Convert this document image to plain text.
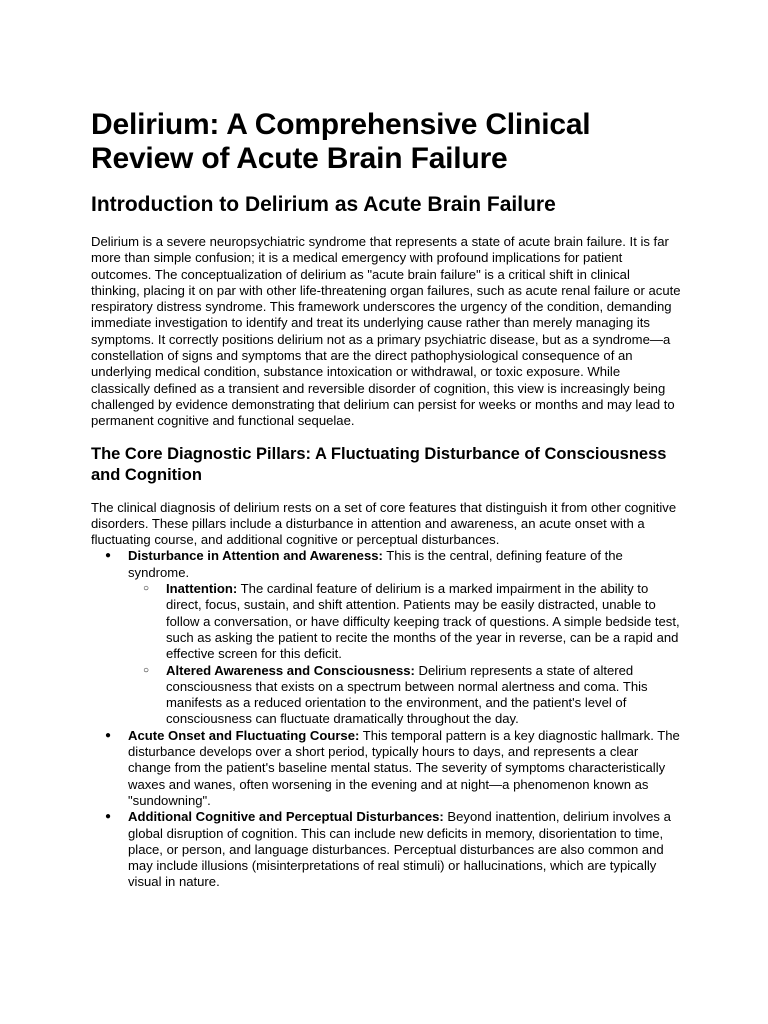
Delirium: A Comprehensive Clinical Review of Acute Brain Failure
Introduction to Delirium as Acute Brain Failure

Delirium is a severe neuropsychiatric syndrome that represents a state of acute brain failure. It is far more than simple confusion; it is a medical emergency with profound implications for patient outcomes. The conceptualization of delirium as "acute brain failure" is a critical shift in clinical thinking, placing it on par with other life-threatening organ failures, such as acute renal failure or acute respiratory distress syndrome. This framework underscores the urgency of the condition, demanding immediate investigation to identify and treat its underlying cause rather than merely managing its symptoms. It correctly positions delirium not as a primary psychiatric disease, but as a syndrome—a constellation of signs and symptoms that are the direct pathophysiological consequence of an underlying medical condition, substance intoxication or withdrawal, or toxic exposure. While classically defined as a transient and reversible disorder of cognition, this view is increasingly being challenged by evidence demonstrating that delirium can persist for weeks or months and may lead to permanent cognitive and functional sequelae.

The Core Diagnostic Pillars: A Fluctuating Disturbance of Consciousness and Cognition

The clinical diagnosis of delirium rests on a set of core features that distinguish it from other cognitive disorders. These pillars include a disturbance in attention and awareness, an acute onset with a fluctuating course, and additional cognitive or perceptual disturbances.

● Disturbance in Attention and Awareness: This is the central, defining feature of the syndrome.
○ Inattention: The cardinal feature of delirium is a marked impairment in the ability to direct, focus, sustain, and shift attention. Patients may be easily distracted, unable to follow a conversation, or have difficulty keeping track of questions. A simple bedside test, such as asking the patient to recite the months of the year in reverse, can be a rapid and effective screen for this deficit.
○ Altered Awareness and Consciousness: Delirium represents a state of altered consciousness that exists on a spectrum between normal alertness and coma. This manifests as a reduced orientation to the environment, and the patient's level of consciousness can fluctuate dramatically throughout the day.
● Acute Onset and Fluctuating Course: This temporal pattern is a key diagnostic hallmark. The disturbance develops over a short period, typically hours to days, and represents a clear change from the patient's baseline mental status. The severity of symptoms characteristically waxes and wanes, often worsening in the evening and at night—a phenomenon known as "sundowning".
● Additional Cognitive and Perceptual Disturbances: Beyond inattention, delirium involves a global disruption of cognition. This can include new deficits in memory, disorientation to time, place, or person, and language disturbances. Perceptual disturbances are also common and may include illusions (misinterpretations of real stimuli) or hallucinations, which are typically visual in nature.
